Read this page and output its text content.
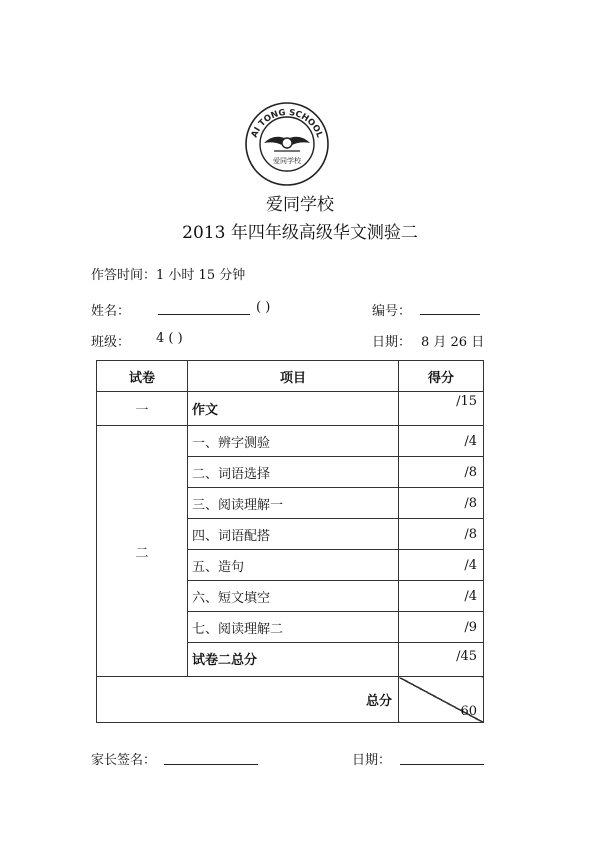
AI TONG SCHOOL
爱同学校
爱同学校
2013 年四年级高级华文测验二
作答时间：1 小时 15 分钟
姓名：	( )	编号：
班级： 4 ( )	日期： 8 月 26 日
试卷	项目	得分
一	作文	/15
二	一、辨字测验	/4
	二、词语选择	/8
	三、阅读理解一	/8
	四、词语配搭	/8
	五、造句	/4
	六、短文填空	/4
	七、阅读理解二	/9
	试卷二总分	/45
总分		60
家长签名：	日期：
